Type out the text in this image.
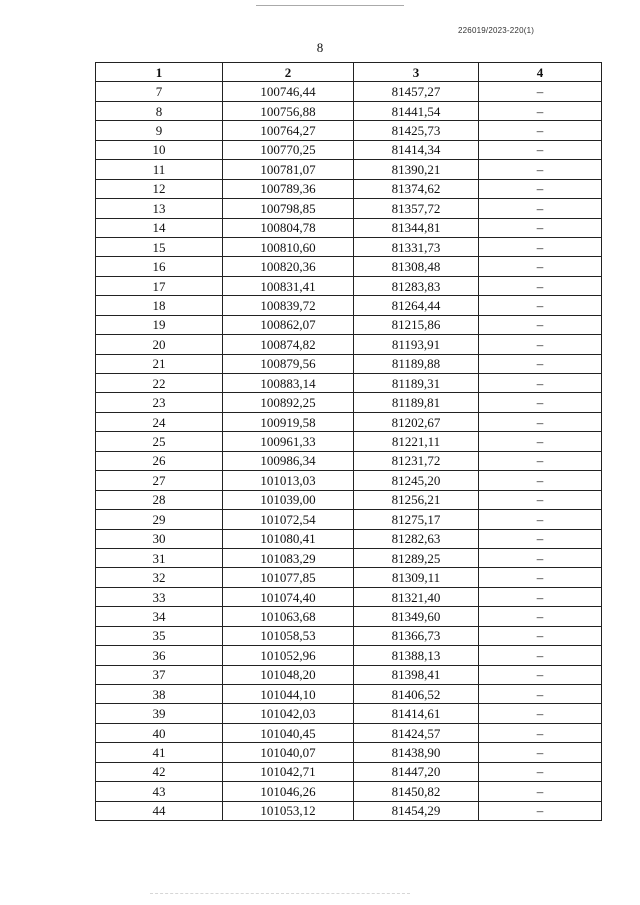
226019/2023-220(1)
8
1	2	3	4
7	100746,44	81457,27	–
8	100756,88	81441,54	–
9	100764,27	81425,73	–
10	100770,25	81414,34	–
11	100781,07	81390,21	–
12	100789,36	81374,62	–
13	100798,85	81357,72	–
14	100804,78	81344,81	–
15	100810,60	81331,73	–
16	100820,36	81308,48	–
17	100831,41	81283,83	–
18	100839,72	81264,44	–
19	100862,07	81215,86	–
20	100874,82	81193,91	–
21	100879,56	81189,88	–
22	100883,14	81189,31	–
23	100892,25	81189,81	–
24	100919,58	81202,67	–
25	100961,33	81221,11	–
26	100986,34	81231,72	–
27	101013,03	81245,20	–
28	101039,00	81256,21	–
29	101072,54	81275,17	–
30	101080,41	81282,63	–
31	101083,29	81289,25	–
32	101077,85	81309,11	–
33	101074,40	81321,40	–
34	101063,68	81349,60	–
35	101058,53	81366,73	–
36	101052,96	81388,13	–
37	101048,20	81398,41	–
38	101044,10	81406,52	–
39	101042,03	81414,61	–
40	101040,45	81424,57	–
41	101040,07	81438,90	–
42	101042,71	81447,20	–
43	101046,26	81450,82	–
44	101053,12	81454,29	–
